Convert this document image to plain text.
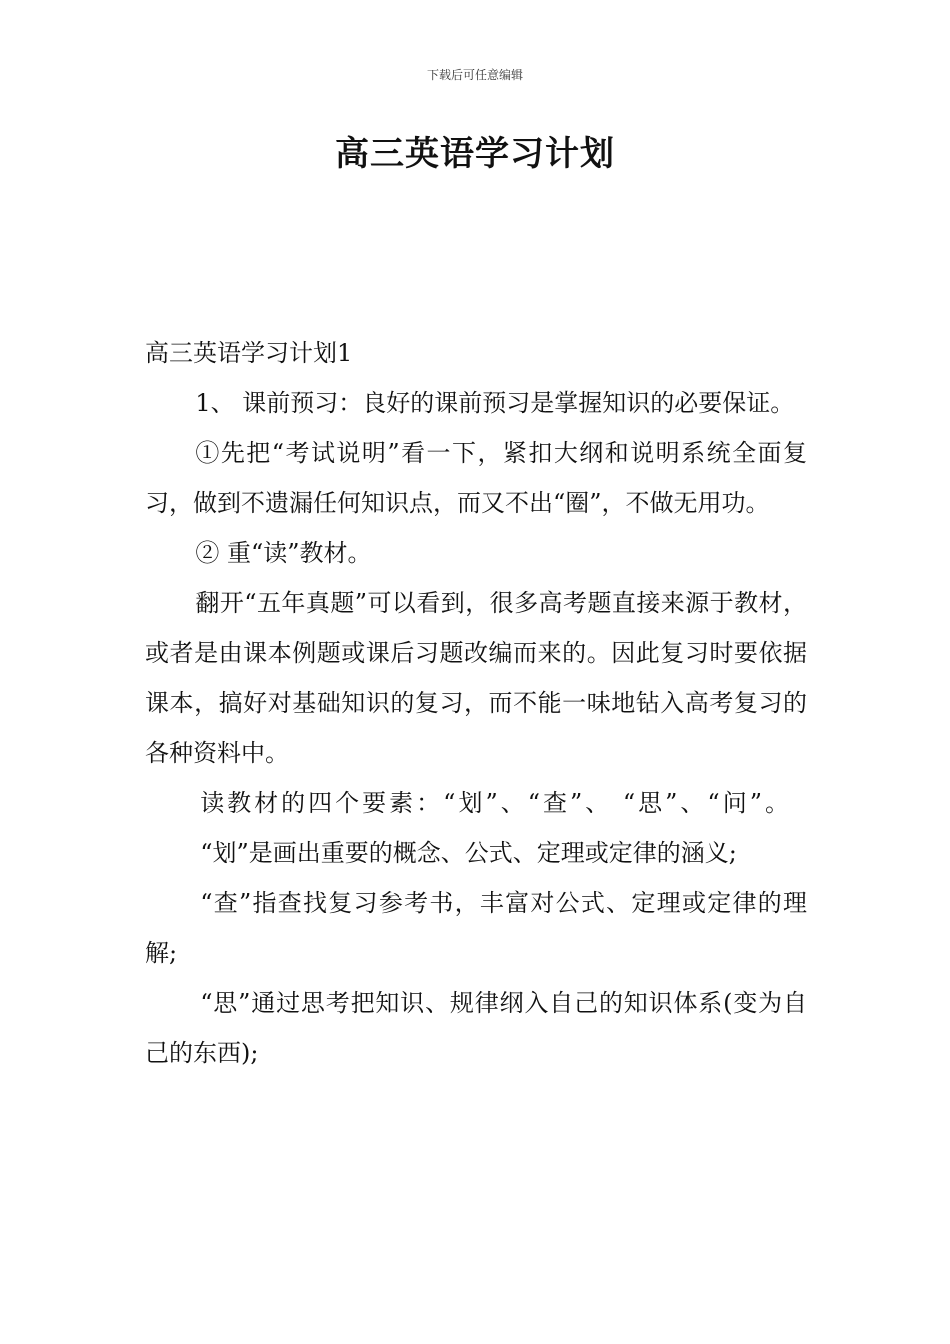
下载后可任意编辑
高三英语学习计划

高三英语学习计划1

1、 课前预习：良好的课前预习是掌握知识的必要保证。

①先把“考试说明”看一下，紧扣大纲和说明系统全面复习，做到不遗漏任何知识点，而又不出“圈”，不做无用功。

② 重“读”教材。

翻开“五年真题”可以看到，很多高考题直接来源于教材，或者是由课本例题或课后习题改编而来的。因此复习时要依据课本，搞好对基础知识的复习，而不能一味地钻入高考复习的各种资料中。

读教材的四个要素：“划”、“查”、 “思”、“问”。

“划”是画出重要的概念、公式、定理或定律的涵义;

“查”指查找复习参考书，丰富对公式、定理或定律的理解;

“思”通过思考把知识、规律纲入自己的知识体系(变为自己的东西);
